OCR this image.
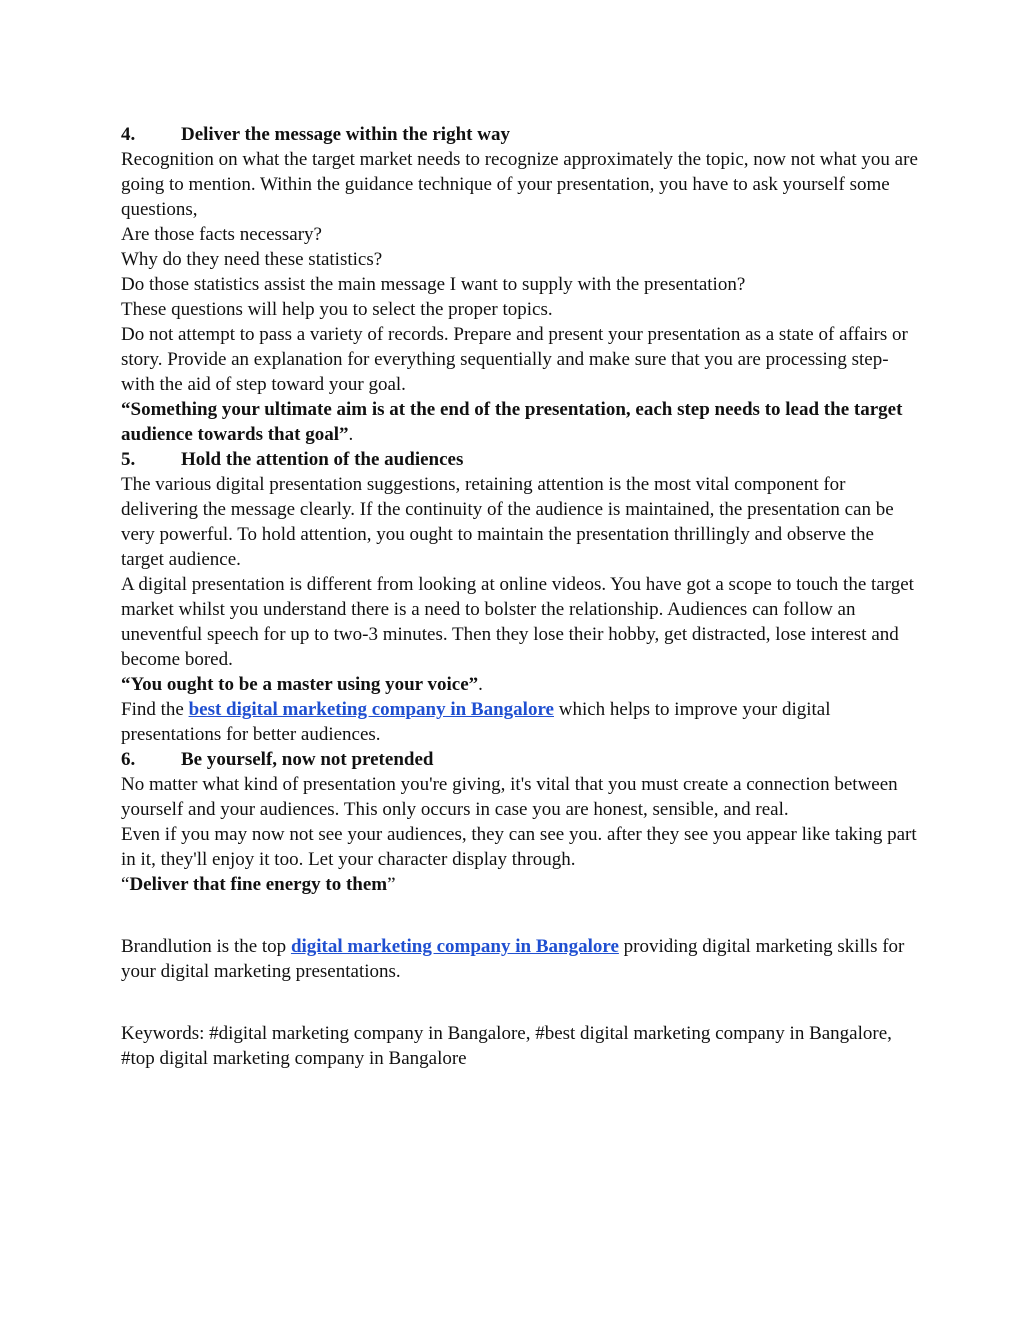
4. Deliver the message within the right way
Recognition on what the target market needs to recognize approximately the topic, now not what you are going to mention. Within the guidance technique of your presentation, you have to ask yourself some questions,
Are those facts necessary?
Why do they need these statistics?
Do those statistics assist the main message I want to supply with the presentation?
These questions will help you to select the proper topics.
Do not attempt to pass a variety of records. Prepare and present your presentation as a state of affairs or story. Provide an explanation for everything sequentially and make sure that you are processing step-with the aid of step toward your goal.
“Something your ultimate aim is at the end of the presentation, each step needs to lead the target audience towards that goal”.
5. Hold the attention of the audiences
The various digital presentation suggestions, retaining attention is the most vital component for delivering the message clearly. If the continuity of the audience is maintained, the presentation can be very powerful. To hold attention, you ought to maintain the presentation thrillingly and observe the target audience.
A digital presentation is different from looking at online videos. You have got a scope to touch the target market whilst you understand there is a need to bolster the relationship. Audiences can follow an uneventful speech for up to two-3 minutes. Then they lose their hobby, get distracted, lose interest and become bored.
“You ought to be a master using your voice”.
Find the best digital marketing company in Bangalore which helps to improve your digital presentations for better audiences.
6. Be yourself, now not pretended
No matter what kind of presentation you're giving, it's vital that you must create a connection between yourself and your audiences. This only occurs in case you are honest, sensible, and real.
Even if you may now not see your audiences, they can see you. after they see you appear like taking part in it, they'll enjoy it too. Let your character display through.
“Deliver that fine energy to them”
Brandlution is the top digital marketing company in Bangalore providing digital marketing skills for your digital marketing presentations.
Keywords: #digital marketing company in Bangalore, #best digital marketing company in Bangalore, #top digital marketing company in Bangalore
